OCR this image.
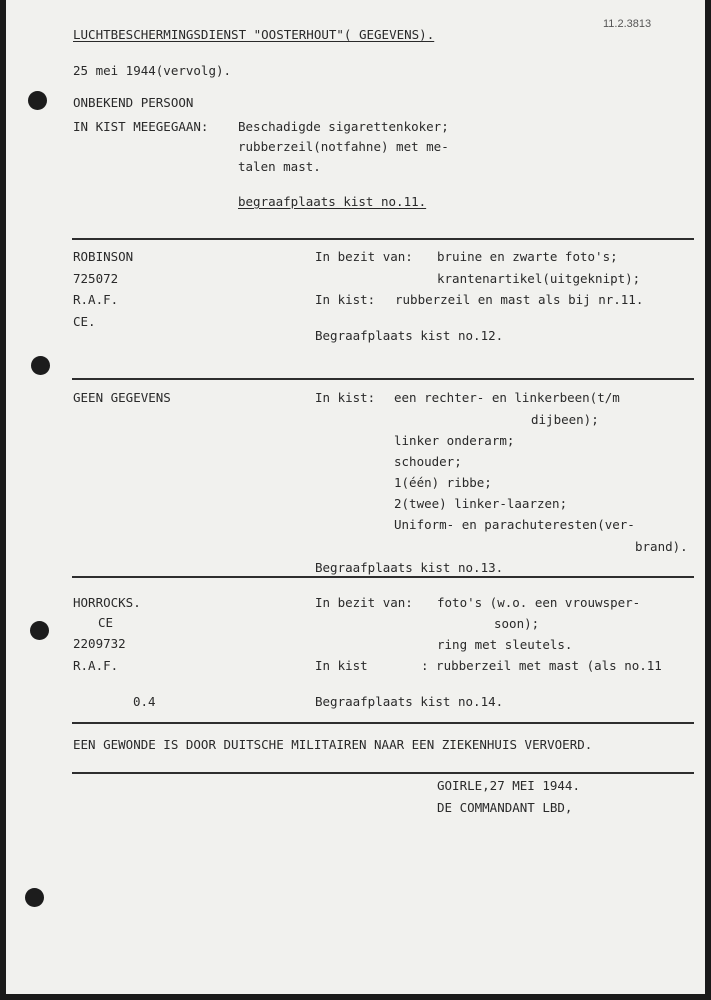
11.2.3813
LUCHTBESCHERMINGSDIENST "OOSTERHOUT"( GEGEVENS).
25 mei 1944(vervolg).
ONBEKEND PERSOON
IN KIST MEEGEGAAN: Beschadigde sigarettenkoker;
rubberzeil(notfahne) met me-
talen mast.
begraafplaats kist no.11.
ROBINSON
725072
R.A.F.
CE.
In bezit van: bruine en zwarte foto's;
krantenartikel(uitgeknipt);
In kist: rubberzeil en mast als bij nr.11.
Begraafplaats kist no.12.
GEEN GEGEVENS	In kist: een rechter- en linkerbeen(t/m
dijbeen);
linker onderarm;
schouder;
1(één) ribbe;
2(twee) linker-laarzen;
Uniform- en parachuteresten(ver-
brand).
Begraafplaats kist no.13.
HORROCKS.
CE
2209732
R.A.F.
0.4
In bezit van: foto's (w.o. een vrouwsper-
soon);
ring met sleutels.
In kist	: rubberzeil met mast (als no.11
Begraafplaats kist no.14.
EEN GEWONDE IS DOOR DUITSCHE MILITAIREN NAAR EEN ZIEKENHUIS VERVOERD.
GOIRLE,27 MEI 1944.
DE COMMANDANT LBD,
